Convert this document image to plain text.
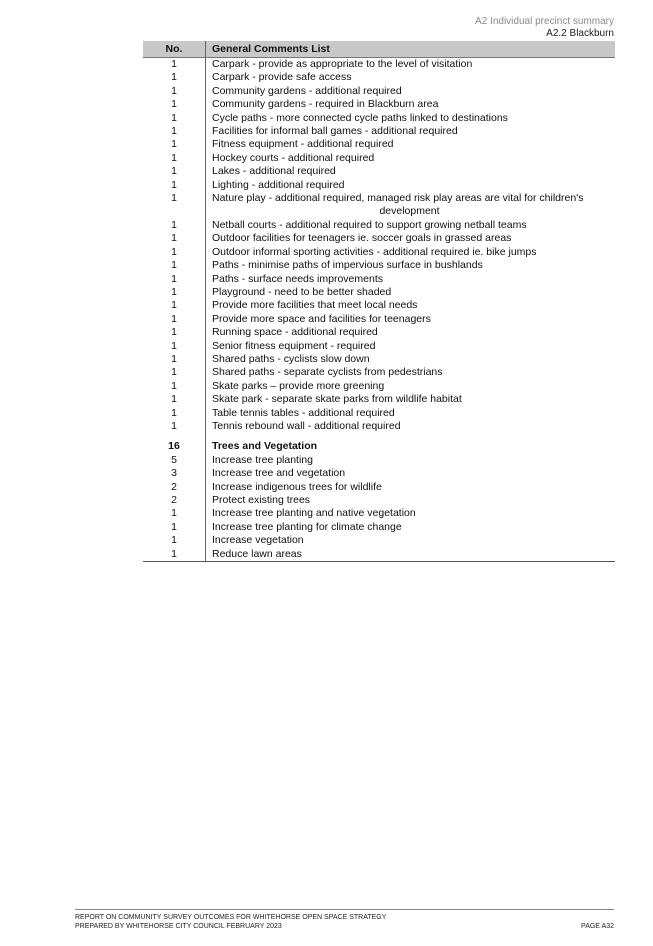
A2 Individual precinct summary
A2.2 Blackburn
No.	General Comments List
1	Carpark - provide as appropriate to the level of visitation
1	Carpark - provide safe access
1	Community gardens - additional required
1	Community gardens - required in Blackburn area
1	Cycle paths - more connected cycle paths linked to destinations
1	Facilities for informal ball games - additional required
1	Fitness equipment - additional required
1	Hockey courts - additional required
1	Lakes - additional required
1	Lighting - additional required
1	Nature play - additional required, managed risk play areas are vital for children's
development
1	Netball courts - additional required to support growing netball teams
1	Outdoor facilities for teenagers ie. soccer goals in grassed areas
1	Outdoor informal sporting activities - additional required ie. bike jumps
1	Paths - minimise paths of impervious surface in bushlands
1	Paths - surface needs improvements
1	Playground - need to be better shaded
1	Provide more facilities that meet local needs
1	Provide more space and facilities for teenagers
1	Running space - additional required
1	Senior fitness equipment - required
1	Shared paths - cyclists slow down
1	Shared paths - separate cyclists from pedestrians
1	Skate parks – provide more greening
1	Skate park - separate skate parks from wildlife habitat
1	Table tennis tables - additional required
1	Tennis rebound wall - additional required
16	Trees and Vegetation
5	Increase tree planting
3	Increase tree and vegetation
2	Increase indigenous trees for wildlife
2	Protect existing trees
1	Increase tree planting and native vegetation
1	Increase tree planting for climate change
1	Increase vegetation
1	Reduce lawn areas
REPORT ON COMMUNITY SURVEY OUTCOMES FOR WHITEHORSE OPEN SPACE STRATEGY
PREPARED BY WHITEHORSE CITY COUNCIL FEBRUARY 2023	PAGE A32
